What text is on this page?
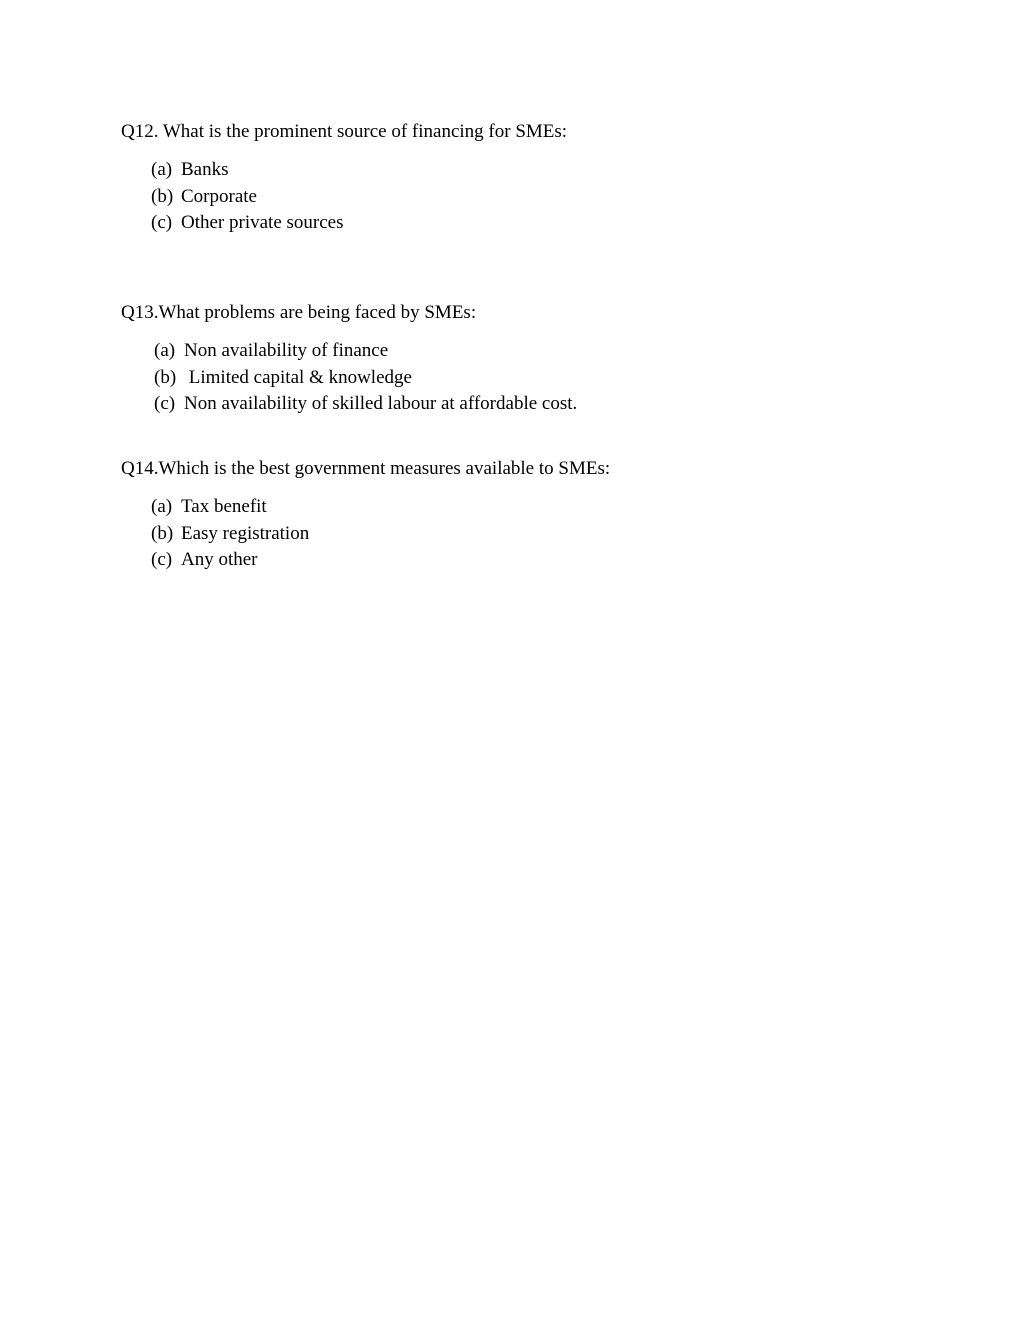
Q12. What is the prominent source of financing for SMEs:
(a) Banks
(b) Corporate
(c) Other private sources
Q13.What problems are being faced by SMEs:
(a) Non availability of finance
(b) Limited capital & knowledge
(c) Non availability of skilled labour at affordable cost.
Q14.Which is the best government measures available to SMEs:
(a) Tax benefit
(b) Easy registration
(c) Any other
